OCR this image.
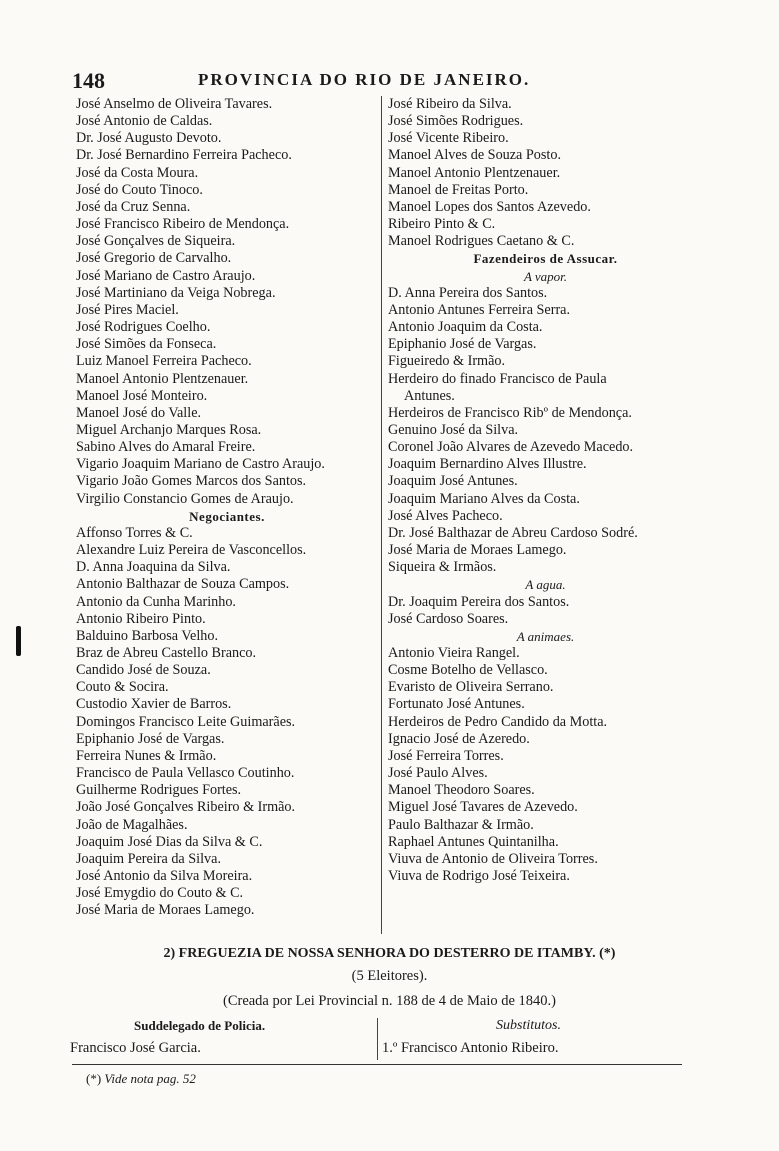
148	PROVINCIA DO RIO DE JANEIRO.
José Anselmo de Oliveira Tavares.
José Antonio de Caldas.
Dr. José Augusto Devoto.
Dr. José Bernardino Ferreira Pacheco.
José da Costa Moura.
José do Couto Tinoco.
José da Cruz Senna.
José Francisco Ribeiro de Mendonça.
José Gonçalves de Siqueira.
José Gregorio de Carvalho.
José Mariano de Castro Araujo.
José Martiniano da Veiga Nobrega.
José Pires Maciel.
José Rodrigues Coelho.
José Simões da Fonseca.
Luiz Manoel Ferreira Pacheco.
Manoel Antonio Plentzenauer.
Manoel José Monteiro.
Manoel José do Valle.
Miguel Archanjo Marques Rosa.
Sabino Alves do Amaral Freire.
Vigario Joaquim Mariano de Castro Araujo.
Vigario João Gomes Marcos dos Santos.
Virgilio Constancio Gomes de Araujo.
Negociantes.
Affonso Torres & C.
Alexandre Luiz Pereira de Vasconcellos.
D. Anna Joaquina da Silva.
Antonio Balthazar de Souza Campos.
Antonio da Cunha Marinho.
Antonio Ribeiro Pinto.
Balduino Barbosa Velho.
Braz de Abreu Castello Branco.
Candido José de Souza.
Couto & Socira.
Custodio Xavier de Barros.
Domingos Francisco Leite Guimarães.
Epiphanio José de Vargas.
Ferreira Nunes & Irmão.
Francisco de Paula Vellasco Coutinho.
Guilherme Rodrigues Fortes.
João José Gonçalves Ribeiro & Irmão.
João de Magalhães.
Joaquim José Dias da Silva & C.
Joaquim Pereira da Silva.
José Antonio da Silva Moreira.
José Emygdio do Couto & C.
José Maria de Moraes Lamego.
José Ribeiro da Silva.
José Simões Rodrigues.
José Vicente Ribeiro.
Manoel Alves de Souza Posto.
Manoel Antonio Plentzenauer.
Manoel de Freitas Porto.
Manoel Lopes dos Santos Azevedo.
Ribeiro Pinto & C.
Manoel Rodrigues Caetano & C.
Fazendeiros de Assucar.
A vapor.
D. Anna Pereira dos Santos.
Antonio Antunes Ferreira Serra.
Antonio Joaquim da Costa.
Epiphanio José de Vargas.
Figueiredo & Irmão.
Herdeiro do finado Francisco de Paula
Antunes.
Herdeiros de Francisco Ribº de Mendonça.
Genuino José da Silva.
Coronel João Alvares de Azevedo Macedo.
Joaquim Bernardino Alves Illustre.
Joaquim José Antunes.
Joaquim Mariano Alves da Costa.
José Alves Pacheco.
Dr. José Balthazar de Abreu Cardoso Sodré.
José Maria de Moraes Lamego.
Siqueira & Irmãos.
A agua.
Dr. Joaquim Pereira dos Santos.
José Cardoso Soares.
A animaes.
Antonio Vieira Rangel.
Cosme Botelho de Vellasco.
Evaristo de Oliveira Serrano.
Fortunato José Antunes.
Herdeiros de Pedro Candido da Motta.
Ignacio José de Azeredo.
José Ferreira Torres.
José Paulo Alves.
Manoel Theodoro Soares.
Miguel José Tavares de Azevedo.
Paulo Balthazar & Irmão.
Raphael Antunes Quintanilha.
Viuva de Antonio de Oliveira Torres.
Viuva de Rodrigo José Teixeira.
2) FREGUEZIA DE NOSSA SENHORA DO DESTERRO DE ITAMBY. (*)
(5 Eleitores).
(Creada por Lei Provincial n. 188 de 4 de Maio de 1840.)
Suddelegado de Policia.
Francisco José Garcia.
Substitutos.
1.º Francisco Antonio Ribeiro.
(*) Vide nota pag. 52
